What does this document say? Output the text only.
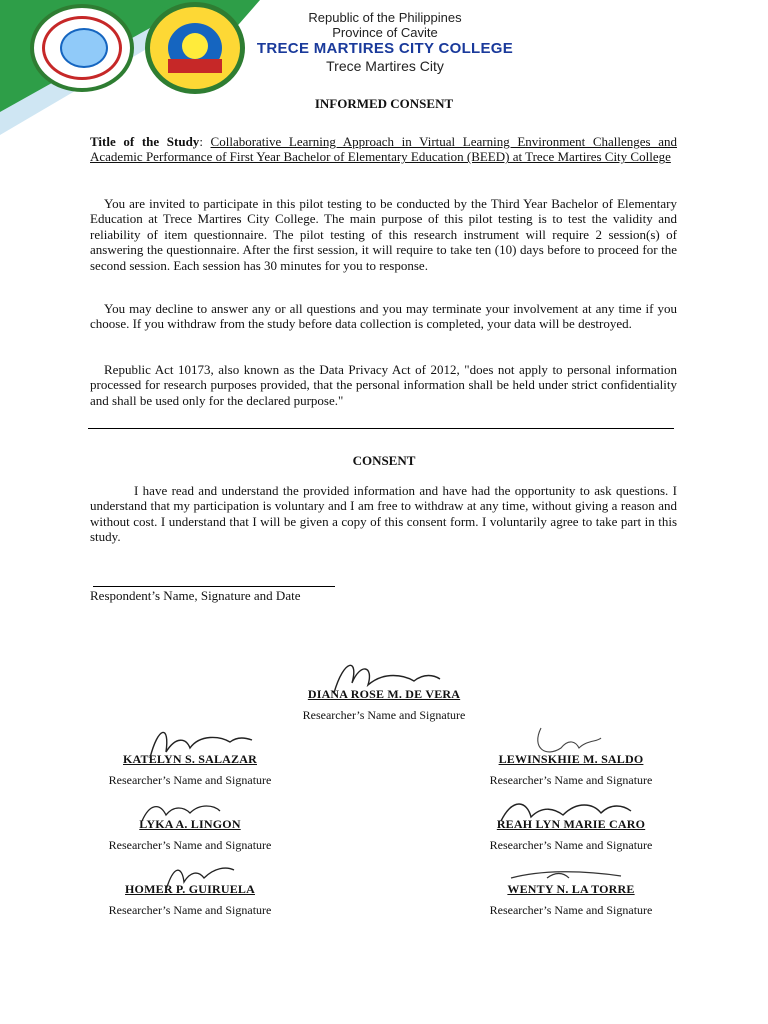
Republic of the Philippines
Province of Cavite
TRECE MARTIRES CITY COLLEGE
Trece Martires City
INFORMED CONSENT
Title of the Study: Collaborative Learning Approach in Virtual Learning Environment Challenges and Academic Performance of First Year Bachelor of Elementary Education (BEED) at Trece Martires City College
You are invited to participate in this pilot testing to be conducted by the Third Year Bachelor of Elementary Education at Trece Martires City College. The main purpose of this pilot testing is to test the validity and reliability of item questionnaire. The pilot testing of this research instrument will require 2 session(s) of answering the questionnaire. After the first session, it will require to take ten (10) days before to proceed for the second session. Each session has 30 minutes for you to response.
You may decline to answer any or all questions and you may terminate your involvement at any time if you choose. If you withdraw from the study before data collection is completed, your data will be destroyed.
Republic Act 10173, also known as the Data Privacy Act of 2012, "does not apply to personal information processed for research purposes provided, that the personal information shall be held under strict confidentiality and shall be used only for the declared purpose."
CONSENT
I have read and understand the provided information and have had the opportunity to ask questions. I understand that my participation is voluntary and I am free to withdraw at any time, without giving a reason and without cost. I understand that I will be given a copy of this consent form. I voluntarily agree to take part in this study.
Respondent’s Name, Signature and Date
DIANA ROSE M. DE VERA
Researcher’s Name and Signature
KATELYN S. SALAZAR
Researcher’s Name and Signature
LEWINSKHIE M. SALDO
Researcher’s Name and Signature
LYKA A. LINGON
Researcher’s Name and Signature
REAH LYN MARIE CARO
Researcher’s Name and Signature
HOMER P. GUIRUELA
Researcher’s Name and Signature
WENTY N. LA TORRE
Researcher’s Name and Signature
